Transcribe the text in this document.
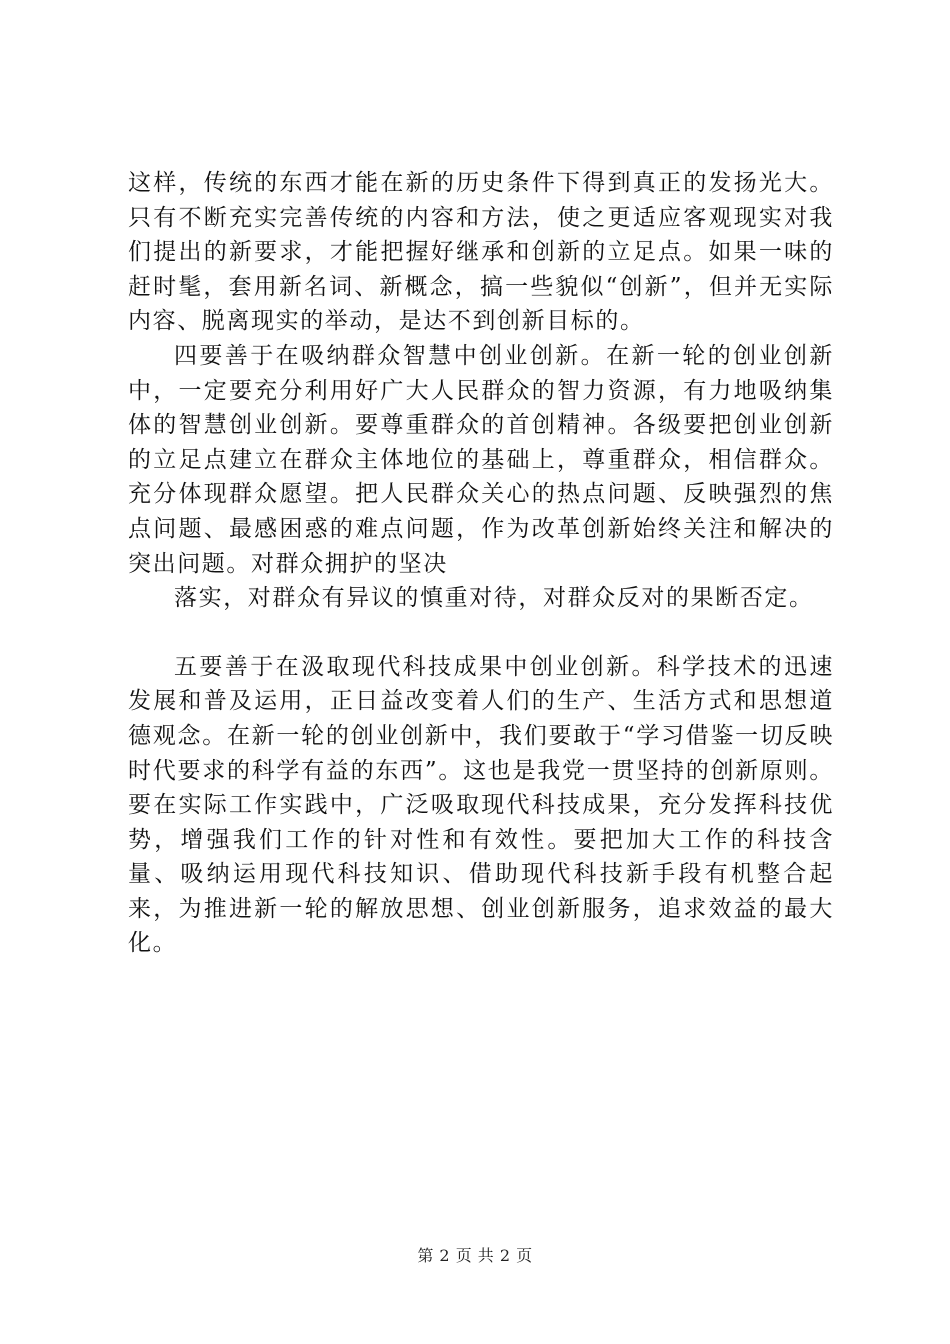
这样，传统的东西才能在新的历史条件下得到真正的发扬光大。只有不断充实完善传统的内容和方法，使之更适应客观现实对我们提出的新要求，才能把握好继承和创新的立足点。如果一味的赶时髦，套用新名词、新概念，搞一些貌似“创新”，但并无实际内容、脱离现实的举动，是达不到创新目标的。

四要善于在吸纳群众智慧中创业创新。在新一轮的创业创新中，一定要充分利用好广大人民群众的智力资源，有力地吸纳集体的智慧创业创新。要尊重群众的首创精神。各级要把创业创新的立足点建立在群众主体地位的基础上，尊重群众，相信群众。充分体现群众愿望。把人民群众关心的热点问题、反映强烈的焦点问题、最感困惑的难点问题，作为改革创新始终关注和解决的突出问题。对群众拥护的坚决

落实，对群众有异议的慎重对待，对群众反对的果断否定。

五要善于在汲取现代科技成果中创业创新。科学技术的迅速发展和普及运用，正日益改变着人们的生产、生活方式和思想道德观念。在新一轮的创业创新中，我们要敢于“学习借鉴一切反映时代要求的科学有益的东西”。这也是我党一贯坚持的创新原则。要在实际工作实践中，广泛吸取现代科技成果，充分发挥科技优势，增强我们工作的针对性和有效性。要把加大工作的科技含量、吸纳运用现代科技知识、借助现代科技新手段有机整合起来，为推进新一轮的解放思想、创业创新服务，追求效益的最大化。

第 2 页 共 2 页
